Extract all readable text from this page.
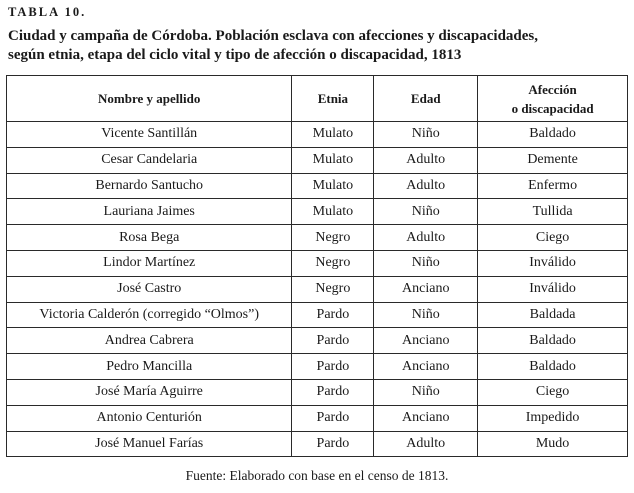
TABLA 10.
Ciudad y campaña de Córdoba. Población esclava con afecciones y discapacidades,
según etnia, etapa del ciclo vital y tipo de afección o discapacidad, 1813
Nombre y apellido	Etnia	Edad	Afección
o discapacidad

Vicente Santillán	Mulato	Niño	Baldado
Cesar Candelaria	Mulato	Adulto	Demente
Bernardo Santucho	Mulato	Adulto	Enfermo
Lauriana Jaimes	Mulato	Niño	Tullida
Rosa Bega	Negro	Adulto	Ciego
Lindor Martínez	Negro	Niño	Inválido
José Castro	Negro	Anciano	Inválido
Victoria Calderón (corregido “Olmos”)	Pardo	Niño	Baldada
Andrea Cabrera	Pardo	Anciano	Baldado
Pedro Mancilla	Pardo	Anciano	Baldado
José María Aguirre	Pardo	Niño	Ciego
Antonio Centurión	Pardo	Anciano	Impedido
José Manuel Farías	Pardo	Adulto	Mudo
Fuente: Elaborado con base en el censo de 1813.
